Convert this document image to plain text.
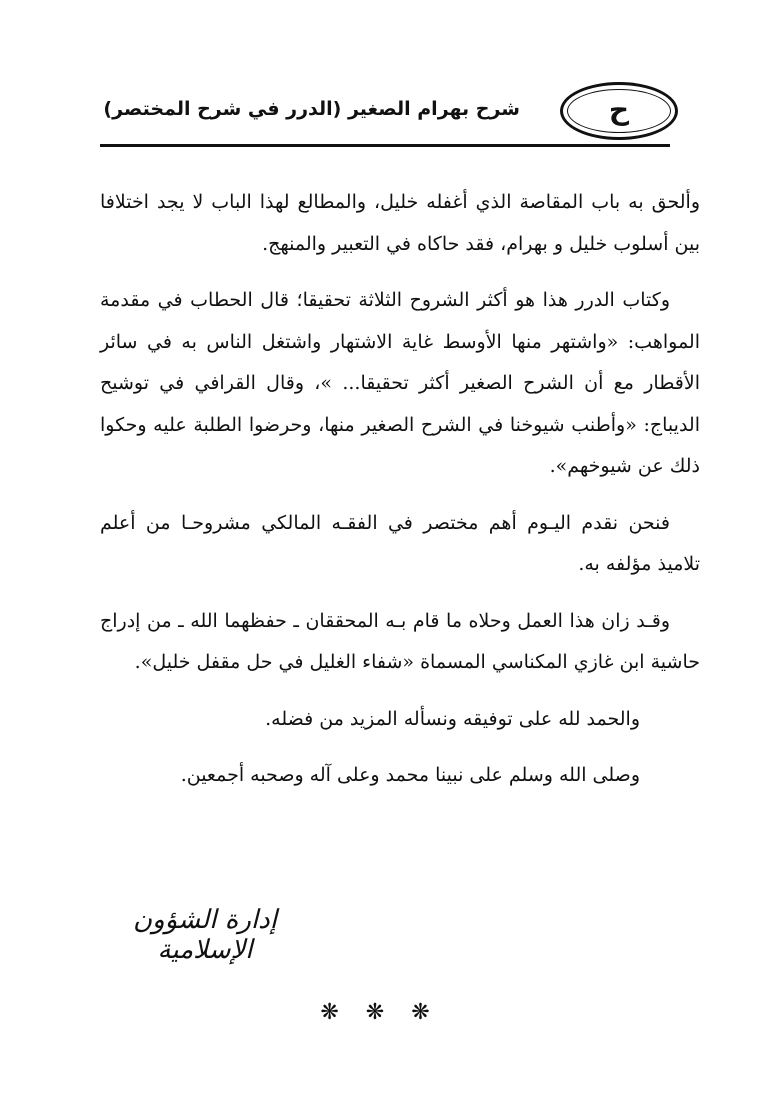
شرح بهرام الصغير (الدرر في شرح المختصر)	ح

وألحق به باب المقاصة الذي أغفله خليل، والمطالع لهذا الباب لا يجد اختلافا بين أسلوب خليل و بهرام، فقد حاكاه في التعبير والمنهج.

وكتاب الدرر هذا هو أكثر الشروح الثلاثة تحقيقا؛ قال الحطاب في مقدمة المواهب: «واشتهر منها الأوسط غاية الاشتهار واشتغل الناس به في سائر الأقطار مع أن الشرح الصغير أكثر تحقيقا... »، وقال القرافي في توشيح الديباج: «وأطنب شيوخنا في الشرح الصغير منها، وحرضوا الطلبة عليه وحكوا ذلك عن شيوخهم».

فنحن نقدم اليـوم أهم مختصر في الفقـه المالكي مشروحـا من أعلم تلاميذ مؤلفه به.

وقـد زان هذا العمل وحلاه ما قام بـه المحققان ـ حفظهما الله ـ من إدراج حاشية ابن غازي المكناسي المسماة «شفاء الغليل في حل مقفل خليل».

والحمد لله على توفيقه ونسأله المزيد من فضله.

وصلى الله وسلم على نبينا محمد وعلى آله وصحبه أجمعين.

إدارة الشؤون الإسلامية
❋ ❋ ❋
